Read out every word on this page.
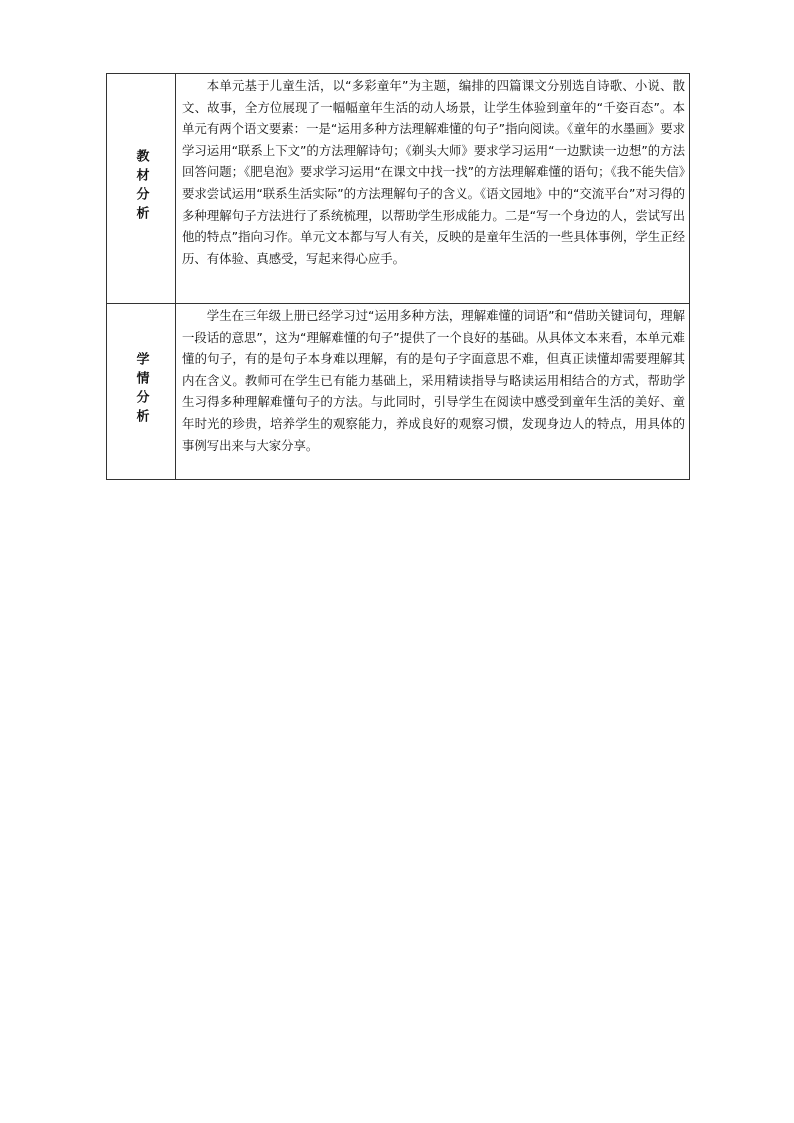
教材分析	本单元基于儿童生活，以“多彩童年”为主题，编排的四篇课文分别选自诗歌、小说、散文、故事，全方位展现了一幅幅童年生活的动人场景，让学生体验到童年的“千姿百态”。本单元有两个语文要素：一是“运用多种方法理解难懂的句子”指向阅读。《童年的水墨画》要求学习运用“联系上下文”的方法理解诗句；《剃头大师》要求学习运用“一边默读一边想”的方法回答问题；《肥皂泡》要求学习运用“在课文中找一找”的方法理解难懂的语句；《我不能失信》要求尝试运用“联系生活实际”的方法理解句子的含义。《语文园地》中的“交流平台”对习得的多种理解句子方法进行了系统梳理，以帮助学生形成能力。二是“写一个身边的人，尝试写出他的特点”指向习作。单元文本都与写人有关，反映的是童年生活的一些具体事例，学生正经历、有体验、真感受，写起来得心应手。

学情分析	学生在三年级上册已经学习过“运用多种方法，理解难懂的词语”和“借助关键词句，理解一段话的意思”，这为“理解难懂的句子”提供了一个良好的基础。从具体文本来看，本单元难懂的句子，有的是句子本身难以理解，有的是句子字面意思不难，但真正读懂却需要理解其内在含义。教师可在学生已有能力基础上，采用精读指导与略读运用相结合的方式，帮助学生习得多种理解难懂句子的方法。与此同时，引导学生在阅读中感受到童年生活的美好、童年时光的珍贵，培养学生的观察能力，养成良好的观察习惯，发现身边人的特点，用具体的事例写出来与大家分享。
